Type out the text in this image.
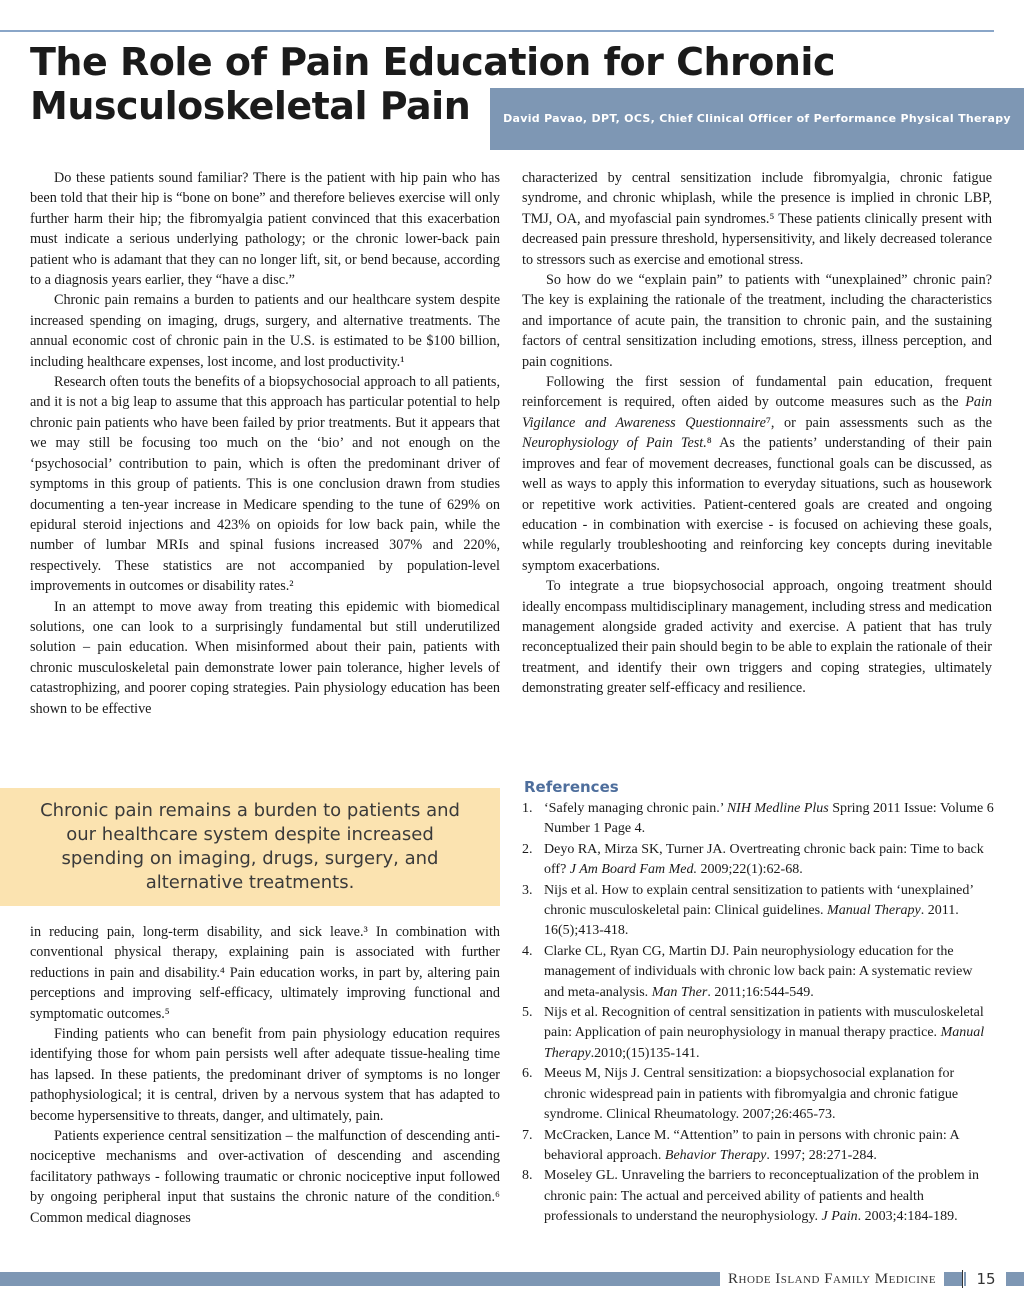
The Role of Pain Education for Chronic
Musculoskeletal Pain	David Pavao, DPT, OCS, Chief Clinical Officer of Performance Physical Therapy

Do these patients sound familiar? There is the patient with hip pain who has been told that their hip is “bone on bone” and therefore believes exercise will only further harm their hip; the fibromyalgia patient convinced that this exacerbation must indicate a serious underlying pathology; or the chronic lower-back pain patient who is adamant that they can no longer lift, sit, or bend because, according to a diagnosis years earlier, they “have a disc.”

Chronic pain remains a burden to patients and our healthcare system despite increased spending on imaging, drugs, surgery, and alternative treatments. The annual economic cost of chronic pain in the U.S. is estimated to be $100 billion, including healthcare expenses, lost income, and lost productivity.¹

Research often touts the benefits of a biopsychosocial approach to all patients, and it is not a big leap to assume that this approach has particular potential to help chronic pain patients who have been failed by prior treatments. But it appears that we may still be focusing too much on the ‘bio’ and not enough on the ‘psychosocial’ contribution to pain, which is often the predominant driver of symptoms in this group of patients. This is one conclusion drawn from studies documenting a ten-year increase in Medicare spending to the tune of 629% on epidural steroid injections and 423% on opioids for low back pain, while the number of lumbar MRIs and spinal fusions increased 307% and 220%, respectively. These statistics are not accompanied by population-level improvements in outcomes or disability rates.²

In an attempt to move away from treating this epidemic with biomedical solutions, one can look to a surprisingly fundamental but still underutilized solution – pain education. When misinformed about their pain, patients with chronic musculoskeletal pain demonstrate lower pain tolerance, higher levels of catastrophizing, and poorer coping strategies. Pain physiology education has been shown to be effective

Chronic pain remains a burden to patients and our healthcare system despite increased spending on imaging, drugs, surgery, and alternative treatments.

in reducing pain, long-term disability, and sick leave.³ In combination with conventional physical therapy, explaining pain is associated with further reductions in pain and disability.⁴ Pain education works, in part by, altering pain perceptions and improving self-efficacy, ultimately improving functional and symptomatic outcomes.⁵

Finding patients who can benefit from pain physiology education requires identifying those for whom pain persists well after adequate tissue-healing time has lapsed. In these patients, the predominant driver of symptoms is no longer pathophysiological; it is central, driven by a nervous system that has adapted to become hypersensitive to threats, danger, and ultimately, pain.

Patients experience central sensitization – the malfunction of descending anti-nociceptive mechanisms and over-activation of descending and ascending facilitatory pathways - following traumatic or chronic nociceptive input followed by ongoing peripheral input that sustains the chronic nature of the condition.⁶ Common medical diagnoses

characterized by central sensitization include fibromyalgia, chronic fatigue syndrome, and chronic whiplash, while the presence is implied in chronic LBP, TMJ, OA, and myofascial pain syndromes.⁵ These patients clinically present with decreased pain pressure threshold, hypersensitivity, and likely decreased tolerance to stressors such as exercise and emotional stress.

So how do we “explain pain” to patients with “unexplained” chronic pain? The key is explaining the rationale of the treatment, including the characteristics and importance of acute pain, the transition to chronic pain, and the sustaining factors of central sensitization including emotions, stress, illness perception, and pain cognitions.

Following the first session of fundamental pain education, frequent reinforcement is required, often aided by outcome measures such as the Pain Vigilance and Awareness Questionnaire⁷, or pain assessments such as the Neurophysiology of Pain Test.⁸ As the patients’ understanding of their pain improves and fear of movement decreases, functional goals can be discussed, as well as ways to apply this information to everyday situations, such as housework or repetitive work activities. Patient-centered goals are created and ongoing education - in combination with exercise - is focused on achieving these goals, while regularly troubleshooting and reinforcing key concepts during inevitable symptom exacerbations.

To integrate a true biopsychosocial approach, ongoing treatment should ideally encompass multidisciplinary management, including stress and medication management alongside graded activity and exercise. A patient that has truly reconceptualized their pain should begin to be able to explain the rationale of their treatment, and identify their own triggers and coping strategies, ultimately demonstrating greater self-efficacy and resilience.

References
1. ‘Safely managing chronic pain.’ NIH Medline Plus Spring 2011 Issue: Volume 6 Number 1 Page 4.
2. Deyo RA, Mirza SK, Turner JA. Overtreating chronic back pain: Time to back off? J Am Board Fam Med. 2009;22(1):62-68.
3. Nijs et al. How to explain central sensitization to patients with ‘unexplained’ chronic musculoskeletal pain: Clinical guidelines. Manual Therapy. 2011. 16(5);413-418.
4. Clarke CL, Ryan CG, Martin DJ. Pain neurophysiology education for the management of individuals with chronic low back pain: A systematic review and meta-analysis. Man Ther. 2011;16:544-549.
5. Nijs et al. Recognition of central sensitization in patients with musculoskeletal pain: Application of pain neurophysiology in manual therapy practice. Manual Therapy.2010;(15)135-141.
6. Meeus M, Nijs J. Central sensitization: a biopsychosocial explanation for chronic widespread pain in patients with fibromyalgia and chronic fatigue syndrome. Clinical Rheumatology. 2007;26:465-73.
7. McCracken, Lance M. “Attention” to pain in persons with chronic pain: A behavioral approach. Behavior Therapy. 1997; 28:271-284.
8. Moseley GL. Unraveling the barriers to reconceptualization of the problem in chronic pain: The actual and perceived ability of patients and health professionals to understand the neurophysiology. J Pain. 2003;4:184-189.
Rhode Island Family Medicine	15
